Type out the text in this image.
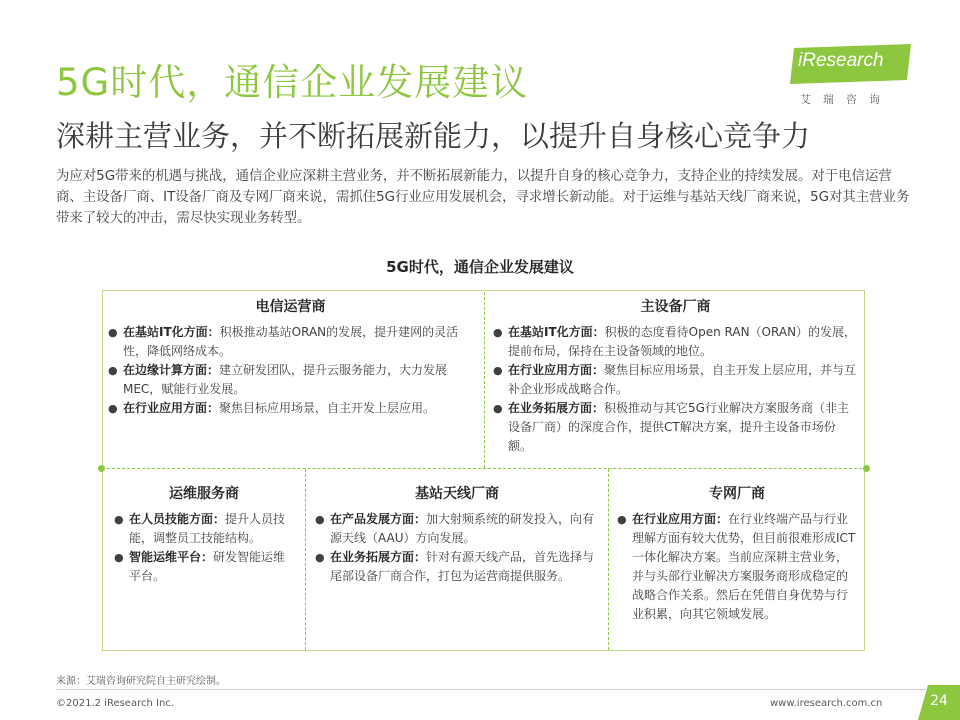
5G时代，通信企业发展建议
深耕主营业务，并不断拓展新能力，以提升自身核心竞争力
iResearch
艾瑞咨询
为应对5G带来的机遇与挑战，通信企业应深耕主营业务，并不断拓展新能力，以提升自身的核心竞争力，支持企业的持续发展。对于电信运营商、主设备厂商、IT设备厂商及专网厂商来说，需抓住5G行业应用发展机会，寻求增长新动能。对于运维与基站天线厂商来说，5G对其主营业务带来了较大的冲击，需尽快实现业务转型。
5G时代，通信企业发展建议
电信运营商
● 在基站IT化方面：积极推动基站ORAN的发展，提升建网的灵活性，降低网络成本。
● 在边缘计算方面：建立研发团队，提升云服务能力，大力发展MEC，赋能行业发展。
● 在行业应用方面：聚焦目标应用场景，自主开发上层应用。
主设备厂商
● 在基站IT化方面：积极的态度看待Open RAN（ORAN）的发展，提前布局，保持在主设备领域的地位。
● 在行业应用方面：聚焦目标应用场景，自主开发上层应用，并与互补企业形成战略合作。
● 在业务拓展方面：积极推动与其它5G行业解决方案服务商（非主设备厂商）的深度合作，提供CT解决方案，提升主设备市场份额。
运维服务商
● 在人员技能方面：提升人员技能，调整员工技能结构。
● 智能运维平台：研发智能运维平台。
基站天线厂商
● 在产品发展方面：加大射频系统的研发投入，向有源天线（AAU）方向发展。
● 在业务拓展方面：针对有源天线产品，首先选择与尾部设备厂商合作，打包为运营商提供服务。
专网厂商
● 在行业应用方面：在行业终端产品与行业理解方面有较大优势，但目前很难形成ICT一体化解决方案。当前应深耕主营业务，并与头部行业解决方案服务商形成稳定的战略合作关系。然后在凭借自身优势与行业积累，向其它领域发展。
来源：艾瑞咨询研究院自主研究绘制。
©2021.2 iResearch Inc.	www.iresearch.com.cn	24
